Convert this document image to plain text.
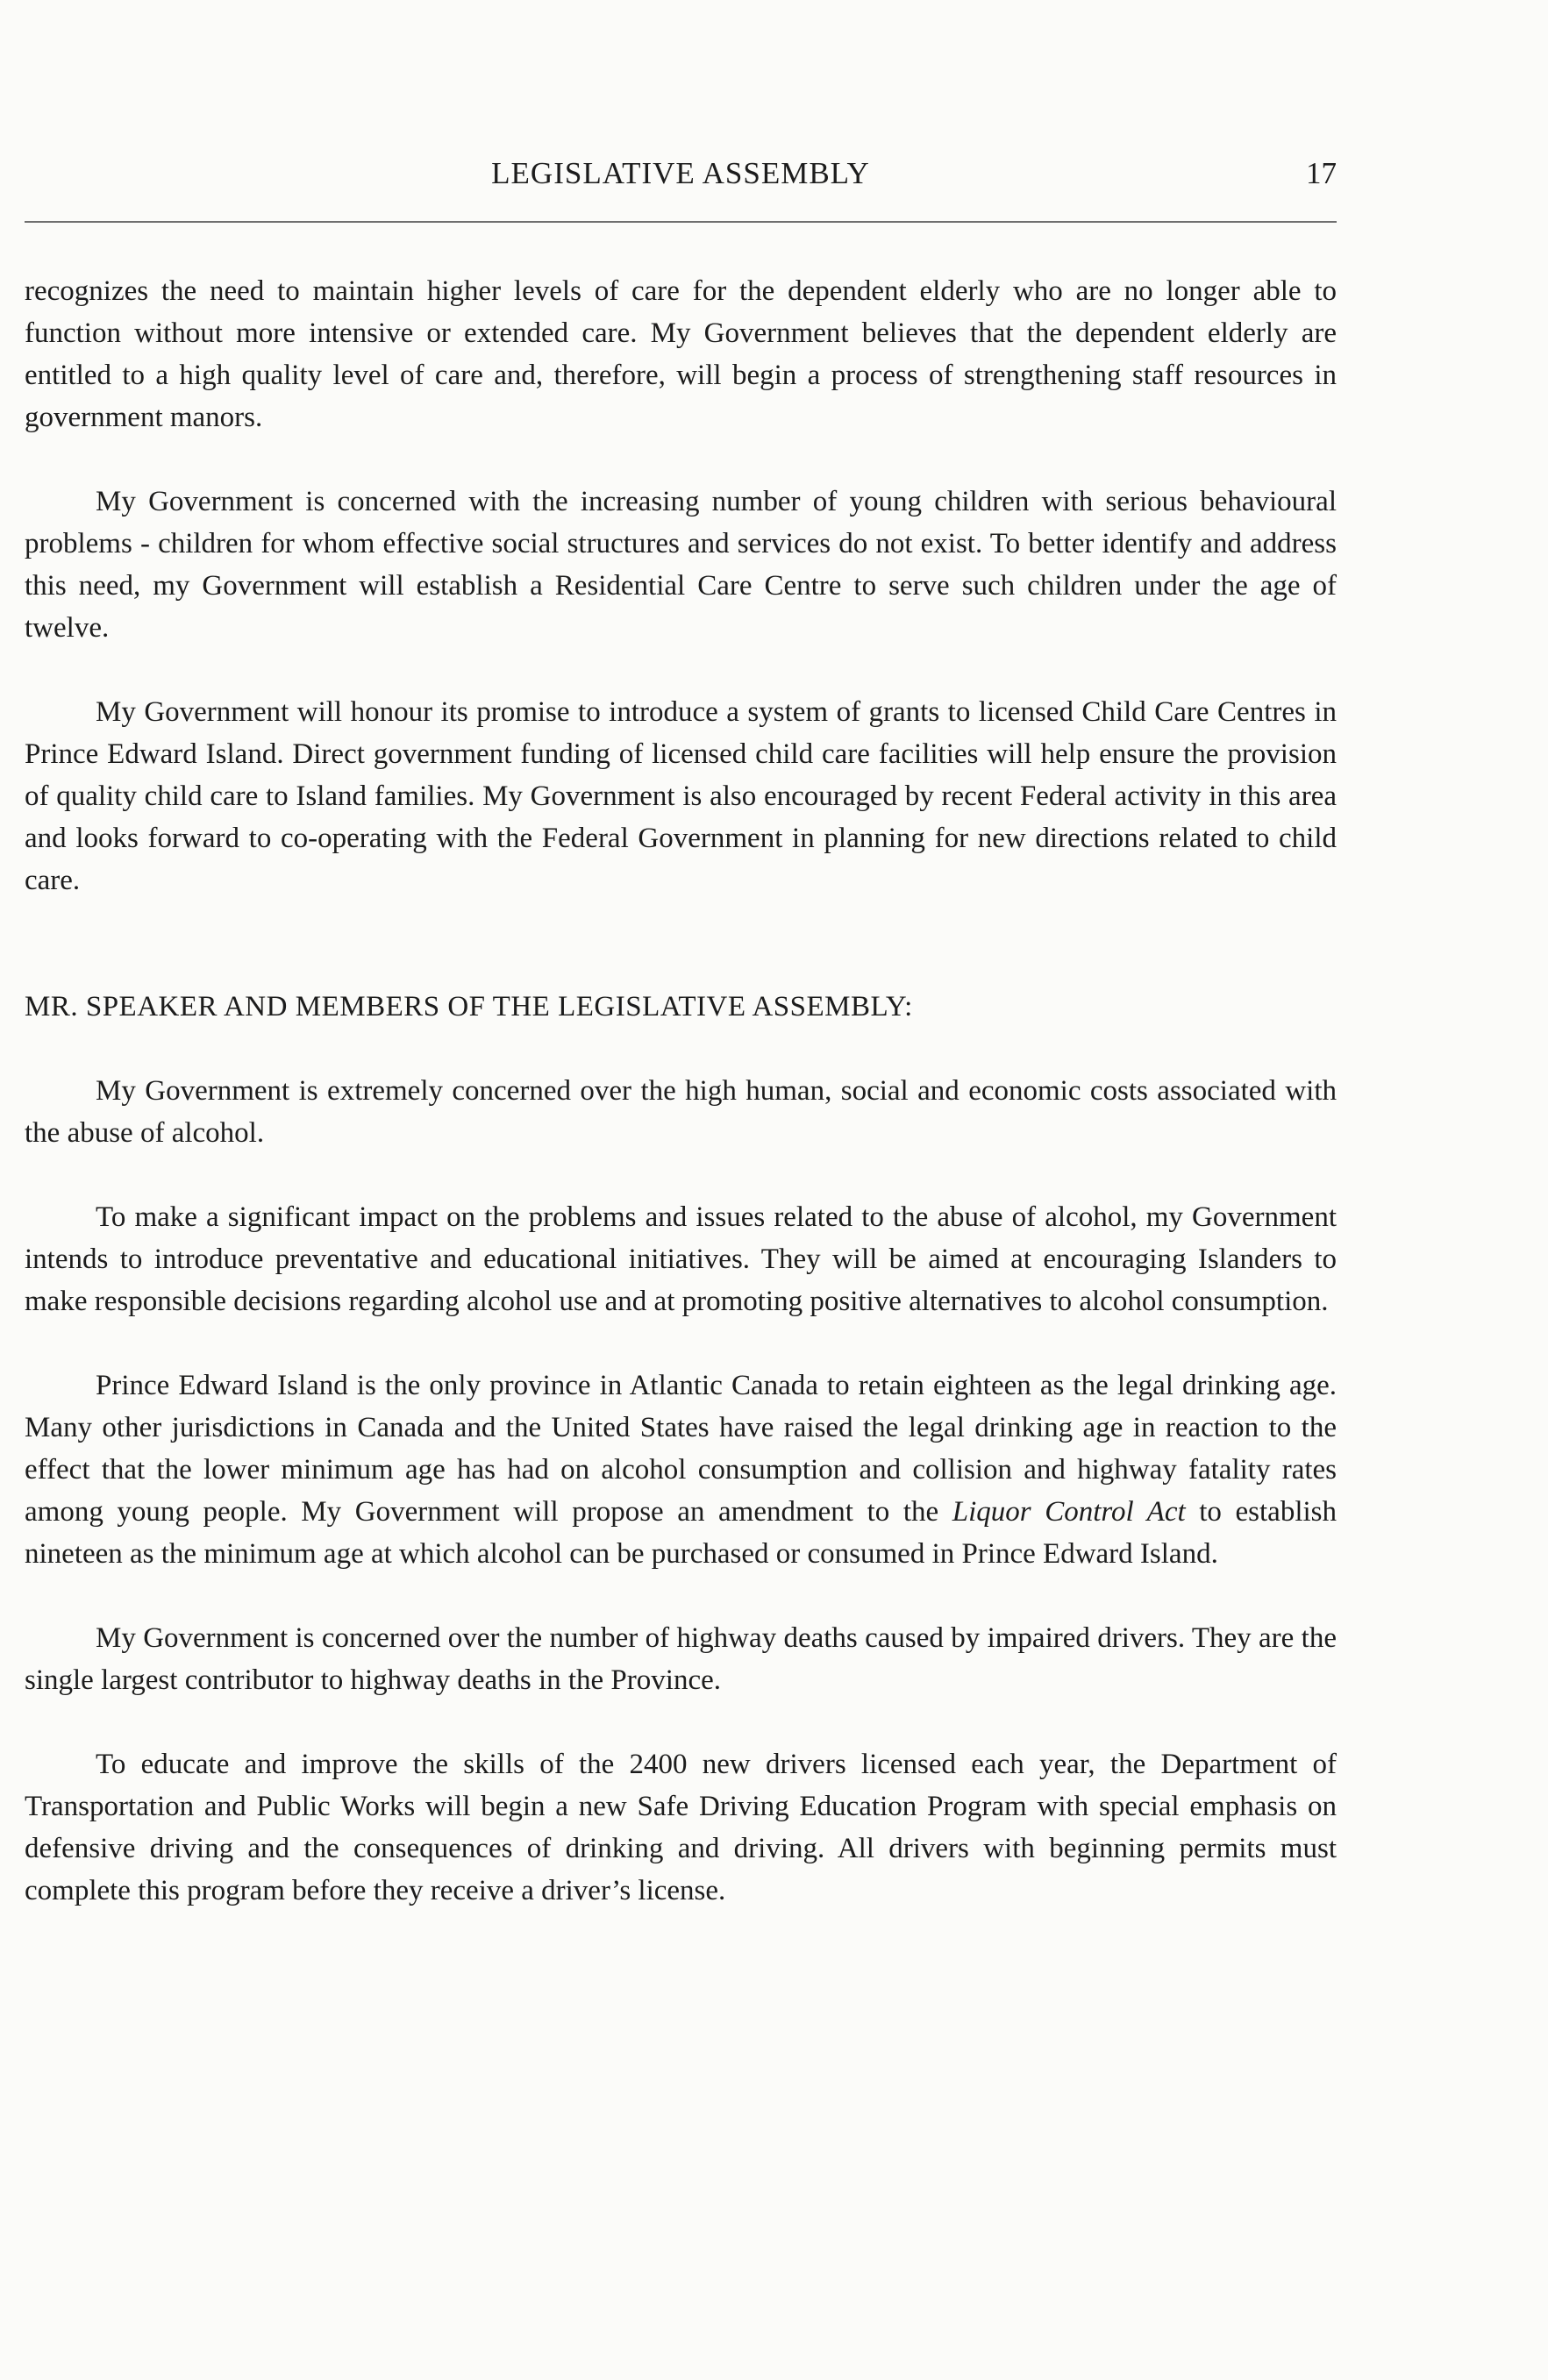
LEGISLATIVE ASSEMBLY	17

recognizes the need to maintain higher levels of care for the dependent elderly who are no longer able to function without more intensive or extended care. My Government believes that the dependent elderly are entitled to a high quality level of care and, therefore, will begin a process of strengthening staff resources in government manors.

My Government is concerned with the increasing number of young children with serious behavioural problems - children for whom effective social structures and services do not exist. To better identify and address this need, my Government will establish a Residential Care Centre to serve such children under the age of twelve.

My Government will honour its promise to introduce a system of grants to licensed Child Care Centres in Prince Edward Island. Direct government funding of licensed child care facilities will help ensure the provision of quality child care to Island families. My Government is also encouraged by recent Federal activity in this area and looks forward to co-operating with the Federal Government in planning for new directions related to child care.

MR. SPEAKER AND MEMBERS OF THE LEGISLATIVE ASSEMBLY:

My Government is extremely concerned over the high human, social and economic costs associated with the abuse of alcohol.

To make a significant impact on the problems and issues related to the abuse of alcohol, my Government intends to introduce preventative and educational initiatives. They will be aimed at encouraging Islanders to make responsible decisions regarding alcohol use and at promoting positive alternatives to alcohol consumption.

Prince Edward Island is the only province in Atlantic Canada to retain eighteen as the legal drinking age. Many other jurisdictions in Canada and the United States have raised the legal drinking age in reaction to the effect that the lower minimum age has had on alcohol consumption and collision and highway fatality rates among young people. My Government will propose an amendment to the Liquor Control Act to establish nineteen as the minimum age at which alcohol can be purchased or consumed in Prince Edward Island.

My Government is concerned over the number of highway deaths caused by impaired drivers. They are the single largest contributor to highway deaths in the Province.

To educate and improve the skills of the 2400 new drivers licensed each year, the Department of Transportation and Public Works will begin a new Safe Driving Education Program with special emphasis on defensive driving and the consequences of drinking and driving. All drivers with beginning permits must complete this program before they receive a driver’s license.
